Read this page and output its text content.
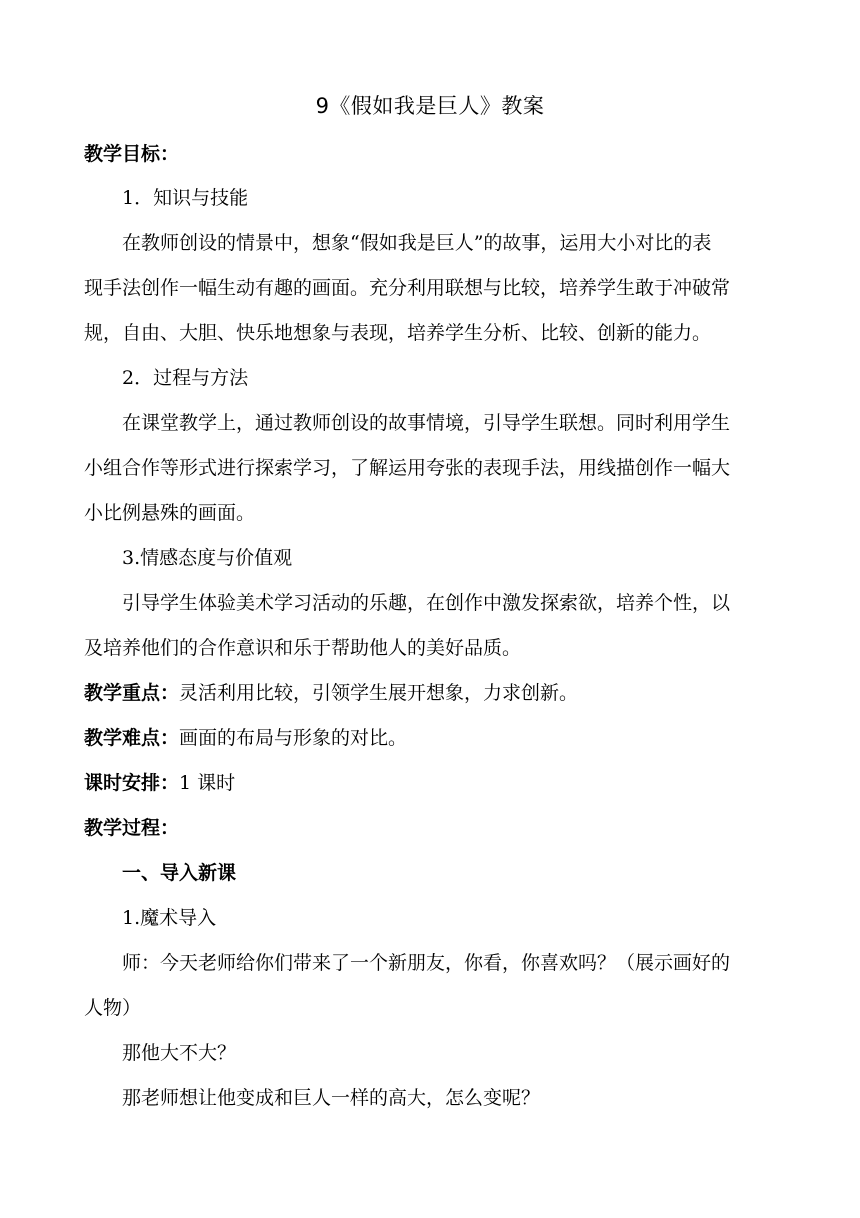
9《假如我是巨人》教案
教学目标：
1．知识与技能
在教师创设的情景中，想象“假如我是巨人”的故事，运用大小对比的表
现手法创作一幅生动有趣的画面。充分利用联想与比较，培养学生敢于冲破常
规，自由、大胆、快乐地想象与表现，培养学生分析、比较、创新的能力。
2．过程与方法
在课堂教学上，通过教师创设的故事情境，引导学生联想。同时利用学生
小组合作等形式进行探索学习，了解运用夸张的表现手法，用线描创作一幅大
小比例悬殊的画面。
3.情感态度与价值观
引导学生体验美术学习活动的乐趣，在创作中激发探索欲，培养个性，以
及培养他们的合作意识和乐于帮助他人的美好品质。
教学重点：灵活利用比较，引领学生展开想象，力求创新。
教学难点：画面的布局与形象的对比。
课时安排：1 课时
教学过程：
一、导入新课
1.魔术导入
师：今天老师给你们带来了一个新朋友，你看，你喜欢吗？（展示画好的
人物）
那他大不大？
那老师想让他变成和巨人一样的高大，怎么变呢？
